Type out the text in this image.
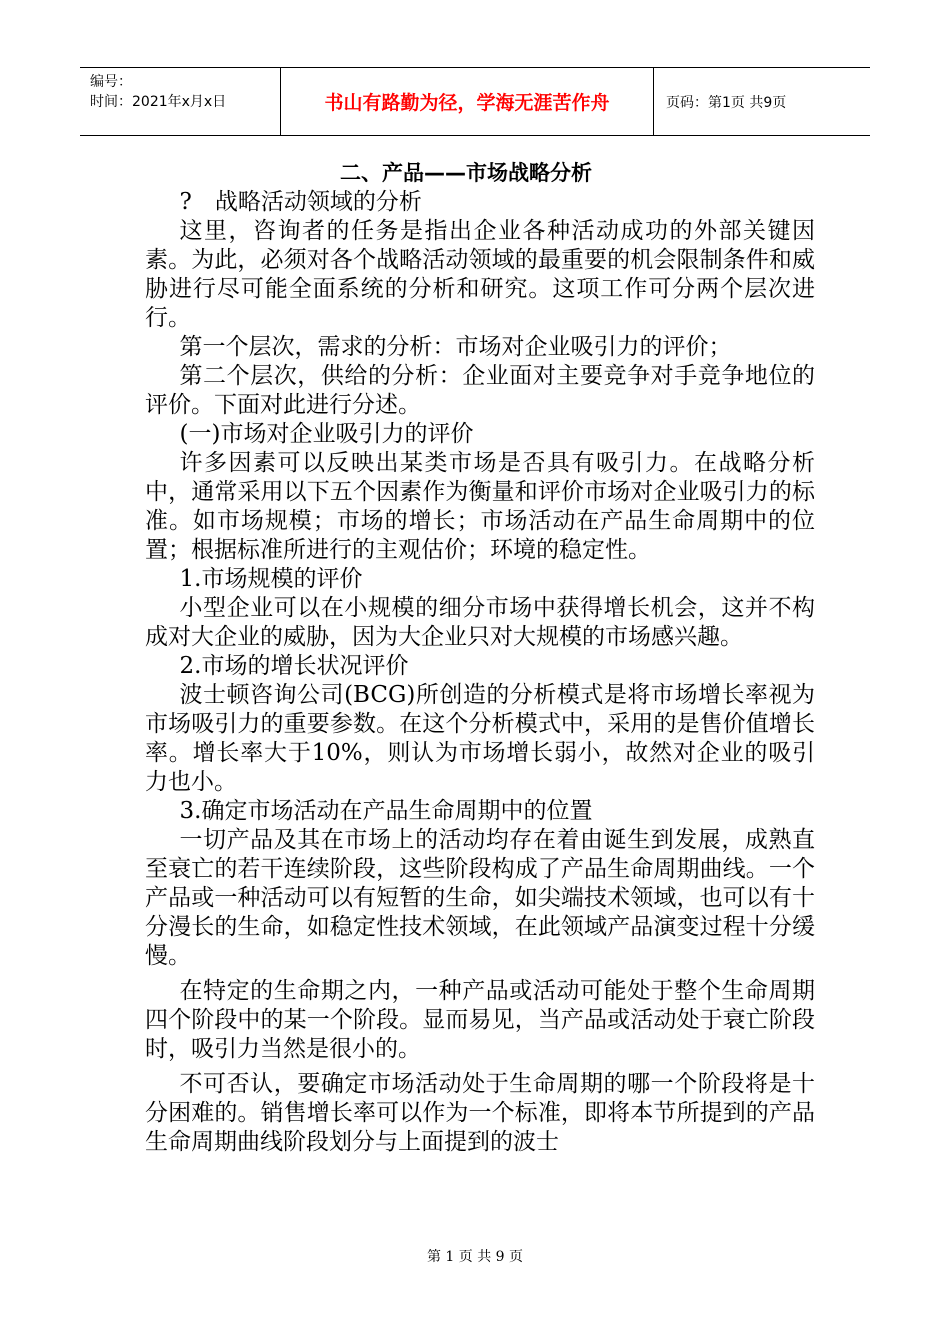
编号：
时间：2021年x月x日	书山有路勤为径，学海无涯苦作舟	页码：第1页 共9页
二、产品——市场战略分析

?　战略活动领域的分析

这里，咨询者的任务是指出企业各种活动成功的外部关键因素。为此，必须对各个战略活动领域的最重要的机会限制条件和威胁进行尽可能全面系统的分析和研究。这项工作可分两个层次进行。

第一个层次，需求的分析：市场对企业吸引力的评价；

第二个层次，供给的分析：企业面对主要竞争对手竞争地位的评价。下面对此进行分述。

(一)市场对企业吸引力的评价

许多因素可以反映出某类市场是否具有吸引力。在战略分析中，通常采用以下五个因素作为衡量和评价市场对企业吸引力的标准。如市场规模；市场的增长；市场活动在产品生命周期中的位置；根据标准所进行的主观估价；环境的稳定性。

1.市场规模的评价

小型企业可以在小规模的细分市场中获得增长机会，这并不构成对大企业的威胁，因为大企业只对大规模的市场感兴趣。

2.市场的增长状况评价

波士顿咨询公司(BCG)所创造的分析模式是将市场增长率视为市场吸引力的重要参数。在这个分析模式中，采用的是售价值增长率。增长率大于10%，则认为市场增长弱小，故然对企业的吸引力也小。

3.确定市场活动在产品生命周期中的位置

一切产品及其在市场上的活动均存在着由诞生到发展，成熟直至衰亡的若干连续阶段，这些阶段构成了产品生命周期曲线。一个产品或一种活动可以有短暂的生命，如尖端技术领域，也可以有十分漫长的生命，如稳定性技术领域，在此领域产品演变过程十分缓慢。

在特定的生命期之内，一种产品或活动可能处于整个生命周期四个阶段中的某一个阶段。显而易见，当产品或活动处于衰亡阶段时，吸引力当然是很小的。

不可否认，要确定市场活动处于生命周期的哪一个阶段将是十分困难的。销售增长率可以作为一个标准，即将本节所提到的产品生命周期曲线阶段划分与上面提到的波士

第 1 页 共 9 页
